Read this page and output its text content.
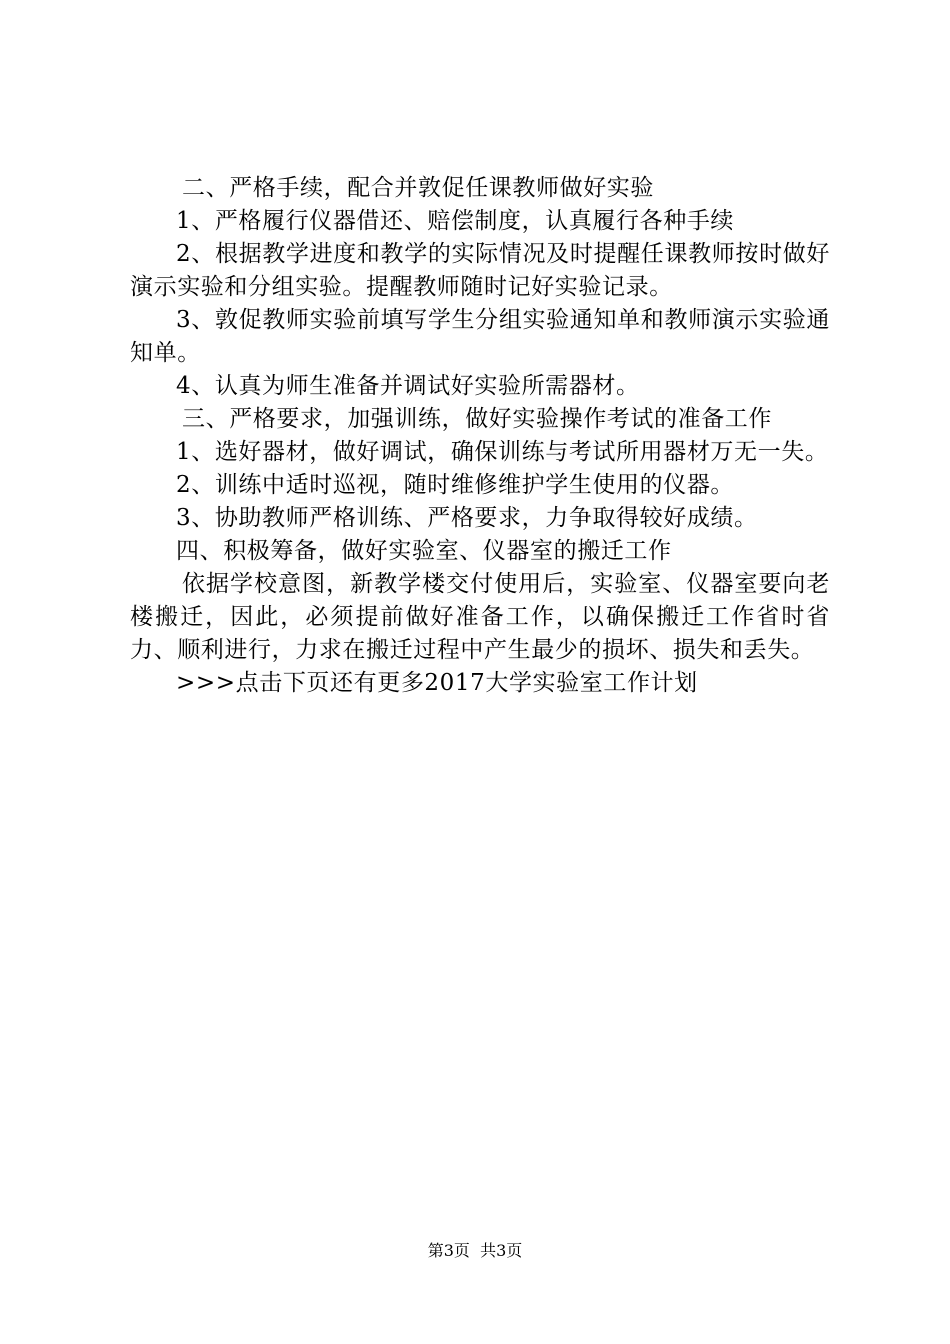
二、严格手续，配合并敦促任课教师做好实验

1、严格履行仪器借还、赔偿制度，认真履行各种手续

2、根据教学进度和教学的实际情况及时提醒任课教师按时做好演示实验和分组实验。提醒教师随时记好实验记录。

3、敦促教师实验前填写学生分组实验通知单和教师演示实验通知单。

4、认真为师生准备并调试好实验所需器材。

三、严格要求，加强训练，做好实验操作考试的准备工作

1、选好器材，做好调试，确保训练与考试所用器材万无一失。

2、训练中适时巡视，随时维修维护学生使用的仪器。

3、协助教师严格训练、严格要求，力争取得较好成绩。

四、积极筹备，做好实验室、仪器室的搬迁工作

依据学校意图，新教学楼交付使用后，实验室、仪器室要向老楼搬迁，因此，必须提前做好准备工作，以确保搬迁工作省时省力、顺利进行，力求在搬迁过程中产生最少的损坏、损失和丢失。

>>>点击下页还有更多2017大学实验室工作计划

第3页  共3页
